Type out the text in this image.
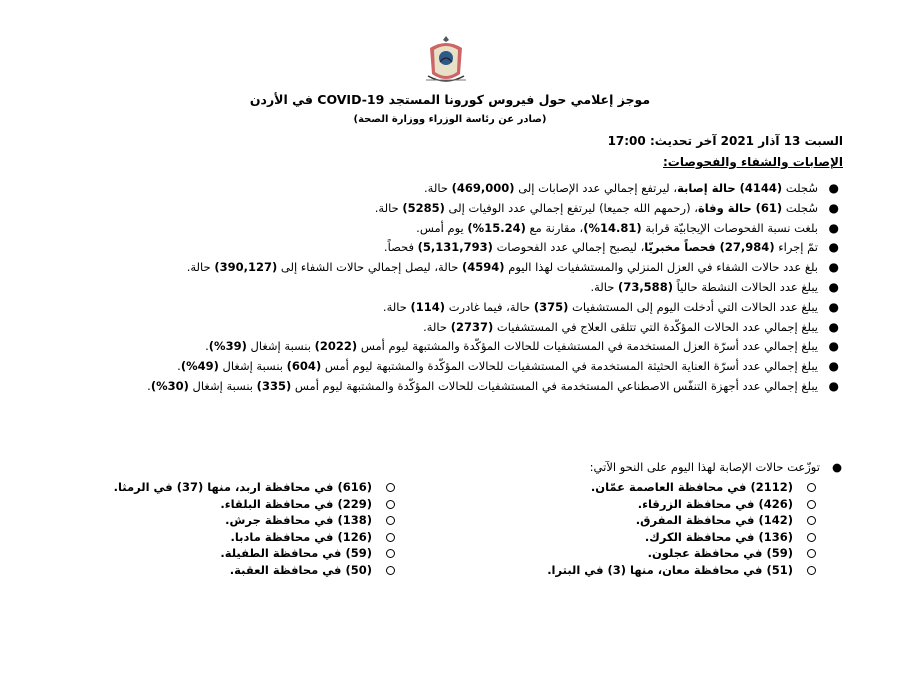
موجز إعلامي حول فيروس كورونا المستجد COVID-19 في الأردن
(صادر عن رئاسة الوزراء ووزارة الصحة)
السبت 13 آذار 2021 آخر تحديث: 17:00
الإصابات والشفاء والفحوصات:
●
سُجلت (4144) حالة إصابة، ليرتفع إجمالي عدد الإصابات إلى (469,000) حالة.
●
سُجلت (61) حالة وفاة، (رحمهم الله جميعا) ليرتفع إجمالي عدد الوفيات إلى (5285) حالة.
●
بلغت نسبة الفحوصات الإيجابيّة قرابة (14.81%)، مقارنة مع (15.24%) يوم أمس.
●
تمّ إجراء (27,984) فحصاً مخبريّا، ليصبح إجمالي عدد الفحوصات (5,131,793) فحصاً.
●
بلغ عدد حالات الشفاء في العزل المنزلي والمستشفيات لهذا اليوم (4594) حالة، ليصل إجمالي حالات الشفاء إلى (390,127) حالة.
●
يبلغ عدد الحالات النشطة حالياً (73,588) حالة.
●
يبلغ عدد الحالات التي أدخلت اليوم إلى المستشفيات (375) حالة، فيما غادرت (114) حالة.
●
يبلغ إجمالي عدد الحالات المؤكّدة التي تتلقى العلاج في المستشفيات (2737) حالة.
●
يبلغ إجمالي عدد أسرّة العزل المستخدمة في المستشفيات للحالات المؤكّدة والمشتبهة ليوم أمس (2022) بنسبة إشغال (39%).
●
يبلغ إجمالي عدد أسرّة العناية الحثيثة المستخدمة في المستشفيات للحالات المؤكّدة والمشتبهة ليوم أمس (604) بنسبة إشغال (49%).
●
يبلغ إجمالي عدد أجهزة التنفّس الاصطناعي المستخدمة في المستشفيات للحالات المؤكّدة والمشتبهة ليوم أمس (335) بنسبة إشغال (30%).
●توزّعت حالات الإصابة لهذا اليوم على النحو الآتي:
(2112) في محافظة العاصمة عمّان.
(426) في محافظة الزرقاء.
(142) في محافظة المفرق.
(136) في محافظة الكرك.
(59) في محافظة عجلون.
(51) في محافظة معان، منها (3) في البترا.
(616) في محافظة اربد، منها (37) في الرمثا.
(229) في محافظة البلقاء.
(138) في محافظة جرش.
(126) في محافظة مادبا.
(59) في محافظة الطفيلة.
(50) في محافظة العقبة.
